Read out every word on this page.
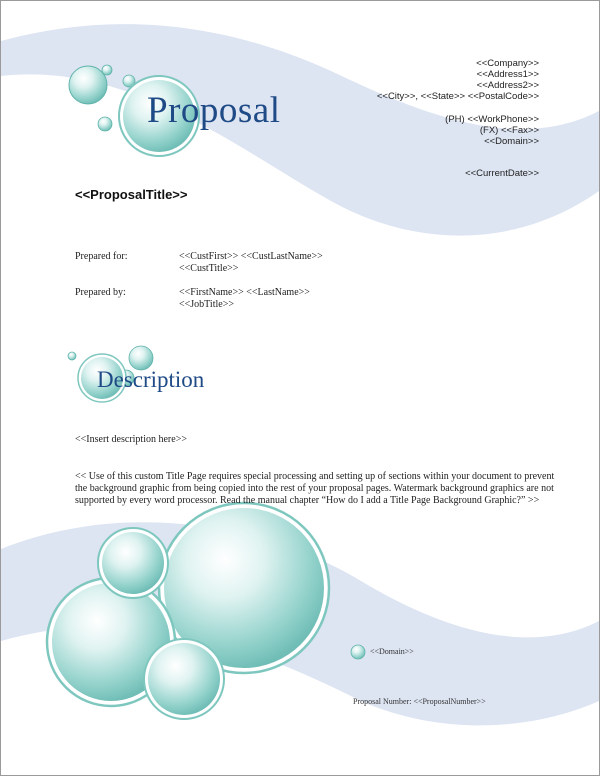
Proposal
<<Company>>
<<Address1>>
<<Address2>>
<<City>>, <<State>> <<PostalCode>>
(PH) <<WorkPhone>>
(FX) <<Fax>>
<<Domain>>
<<CurrentDate>>
<<ProposalTitle>>
Prepared for:	<<CustFirst>> <<CustLastName>>
<<CustTitle>>
Prepared by:	<<FirstName>> <<LastName>>
<<JobTitle>>
Description
<<Insert description here>>
<< Use of this custom Title Page requires special processing and setting up of sections within your document to prevent the background graphic from being copied into the rest of your proposal pages. Watermark background graphics are not supported by every word processor. Read the manual chapter “How do I add a Title Page Background Graphic?” >>
<<Domain>>
Proposal Number: <<ProposalNumber>>
